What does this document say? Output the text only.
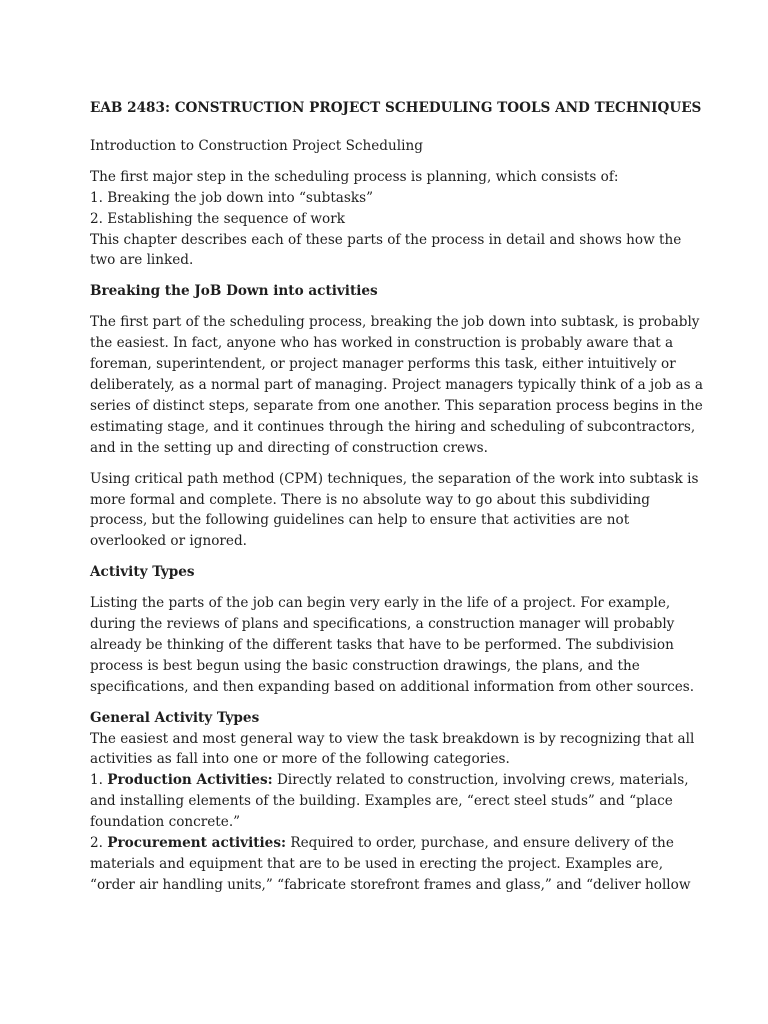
EAB 2483: CONSTRUCTION PROJECT SCHEDULING TOOLS AND TECHNIQUES

Introduction to Construction Project Scheduling

The first major step in the scheduling process is planning, which consists of:
1. Breaking the job down into “subtasks”
2. Establishing the sequence of work
This chapter describes each of these parts of the process in detail and shows how the
two are linked.

Breaking the JoB Down into activities

The first part of the scheduling process, breaking the job down into subtask, is probably
the easiest. In fact, anyone who has worked in construction is probably aware that a
foreman, superintendent, or project manager performs this task, either intuitively or
deliberately, as a normal part of managing. Project managers typically think of a job as a
series of distinct steps, separate from one another. This separation process begins in the
estimating stage, and it continues through the hiring and scheduling of subcontractors,
and in the setting up and directing of construction crews.
Using critical path method (CPM) techniques, the separation of the work into subtask is
more formal and complete. There is no absolute way to go about this subdividing
process, but the following guidelines can help to ensure that activities are not
overlooked or ignored.

Activity Types

Listing the parts of the job can begin very early in the life of a project. For example,
during the reviews of plans and specifications, a construction manager will probably
already be thinking of the different tasks that have to be performed. The subdivision
process is best begun using the basic construction drawings, the plans, and the
specifications, and then expanding based on additional information from other sources.

General Activity Types

The easiest and most general way to view the task breakdown is by recognizing that all
activities as fall into one or more of the following categories.
1. Production Activities: Directly related to construction, involving crews, materials,
and installing elements of the building. Examples are, “erect steel studs” and “place
foundation concrete.”
2. Procurement activities: Required to order, purchase, and ensure delivery of the
materials and equipment that are to be used in erecting the project. Examples are,
“order air handling units,” “fabricate storefront frames and glass,” and “deliver hollow
